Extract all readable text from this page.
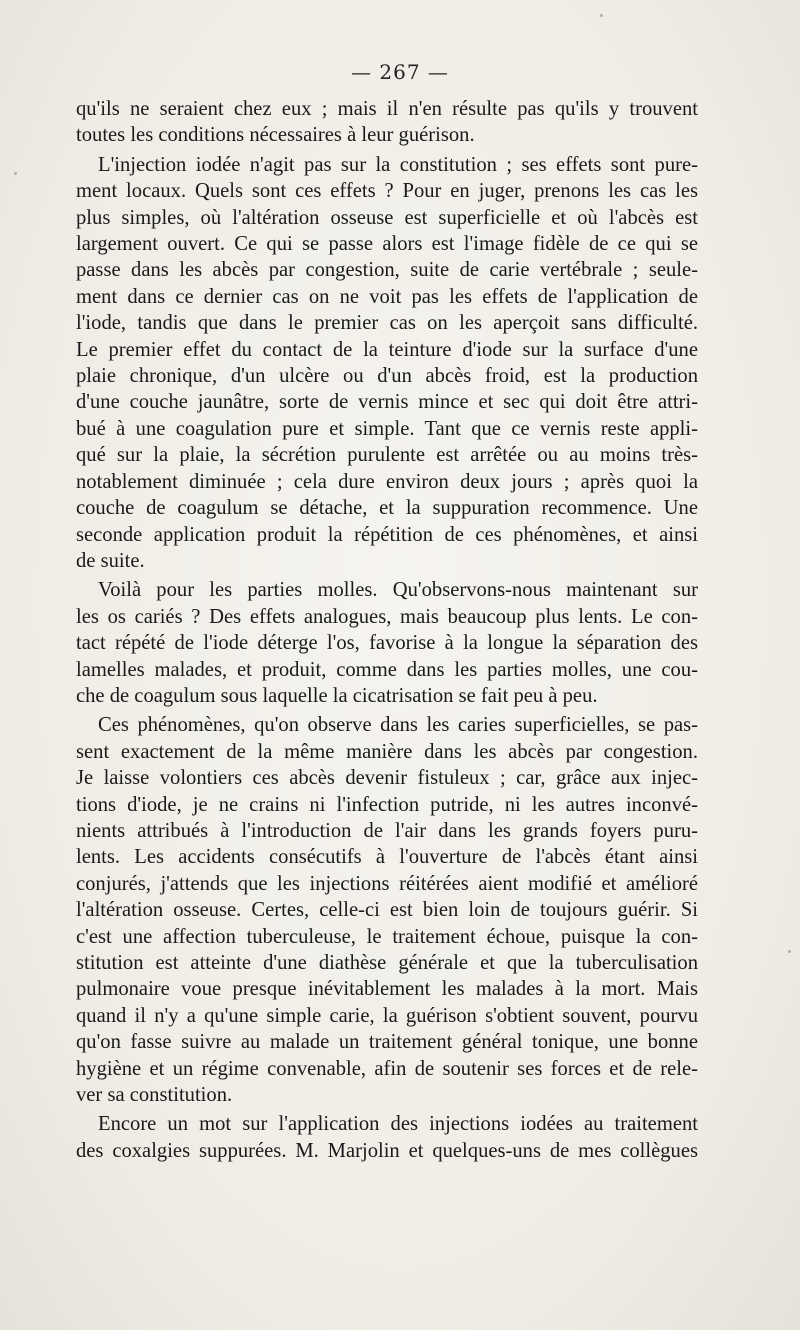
— 267 —
qu'ils ne seraient chez eux ; mais il n'en résulte pas qu'ils y trouvent
toutes les conditions nécessaires à leur guérison.
L'injection iodée n'agit pas sur la constitution ; ses effets sont pure-
ment locaux. Quels sont ces effets ? Pour en juger, prenons les cas les
plus simples, où l'altération osseuse est superficielle et où l'abcès est
largement ouvert. Ce qui se passe alors est l'image fidèle de ce qui se
passe dans les abcès par congestion, suite de carie vertébrale ; seule-
ment dans ce dernier cas on ne voit pas les effets de l'application de
l'iode, tandis que dans le premier cas on les aperçoit sans difficulté.
Le premier effet du contact de la teinture d'iode sur la surface d'une
plaie chronique, d'un ulcère ou d'un abcès froid, est la production
d'une couche jaunâtre, sorte de vernis mince et sec qui doit être attri-
bué à une coagulation pure et simple. Tant que ce vernis reste appli-
qué sur la plaie, la sécrétion purulente est arrêtée ou au moins très-
notablement diminuée ; cela dure environ deux jours ; après quoi la
couche de coagulum se détache, et la suppuration recommence. Une
seconde application produit la répétition de ces phénomènes, et ainsi
de suite.
Voilà pour les parties molles. Qu'observons-nous maintenant sur
les os cariés ? Des effets analogues, mais beaucoup plus lents. Le con-
tact répété de l'iode déterge l'os, favorise à la longue la séparation des
lamelles malades, et produit, comme dans les parties molles, une cou-
che de coagulum sous laquelle la cicatrisation se fait peu à peu.
Ces phénomènes, qu'on observe dans les caries superficielles, se pas-
sent exactement de la même manière dans les abcès par congestion.
Je laisse volontiers ces abcès devenir fistuleux ; car, grâce aux injec-
tions d'iode, je ne crains ni l'infection putride, ni les autres inconvé-
nients attribués à l'introduction de l'air dans les grands foyers puru-
lents. Les accidents consécutifs à l'ouverture de l'abcès étant ainsi
conjurés, j'attends que les injections réitérées aient modifié et amélioré
l'altération osseuse. Certes, celle-ci est bien loin de toujours guérir. Si
c'est une affection tuberculeuse, le traitement échoue, puisque la con-
stitution est atteinte d'une diathèse générale et que la tuberculisation
pulmonaire voue presque inévitablement les malades à la mort. Mais
quand il n'y a qu'une simple carie, la guérison s'obtient souvent, pourvu
qu'on fasse suivre au malade un traitement général tonique, une bonne
hygiène et un régime convenable, afin de soutenir ses forces et de rele-
ver sa constitution.
Encore un mot sur l'application des injections iodées au traitement
des coxalgies suppurées. M. Marjolin et quelques-uns de mes collègues
